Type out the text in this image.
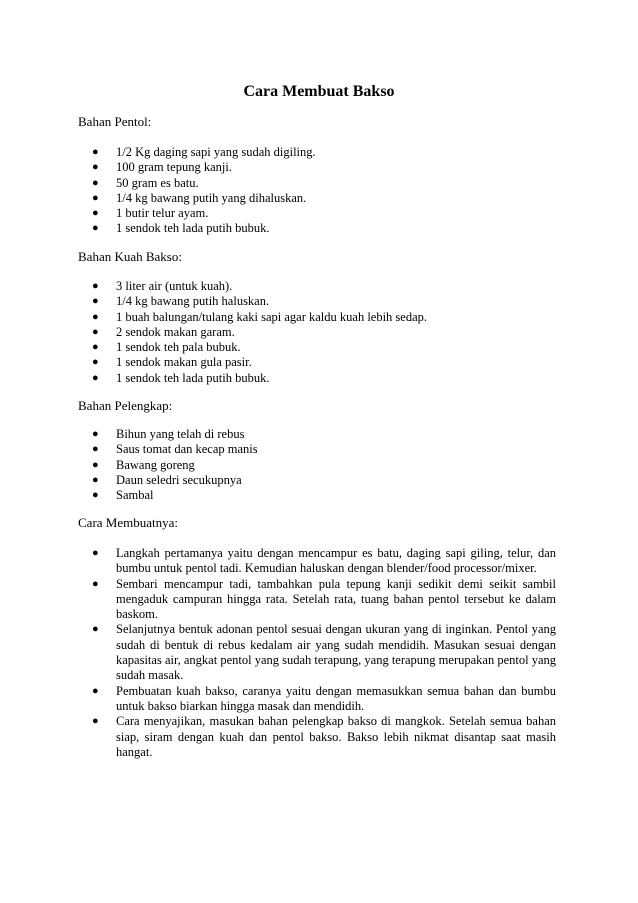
Cara Membuat Bakso
Bahan Pentol:
● 1/2 Kg daging sapi yang sudah digiling.
● 100 gram tepung kanji.
● 50 gram es batu.
● 1/4 kg bawang putih yang dihaluskan.
● 1 butir telur ayam.
● 1 sendok teh lada putih bubuk.
Bahan Kuah Bakso:
● 3 liter air (untuk kuah).
● 1/4 kg bawang putih haluskan.
● 1 buah balungan/tulang kaki sapi agar kaldu kuah lebih sedap.
● 2 sendok makan garam.
● 1 sendok teh pala bubuk.
● 1 sendok makan gula pasir.
● 1 sendok teh lada putih bubuk.
Bahan Pelengkap:
● Bihun yang telah di rebus
● Saus tomat dan kecap manis
● Bawang goreng
● Daun seledri secukupnya
● Sambal
Cara Membuatnya:
● Langkah pertamanya yaitu dengan mencampur es batu, daging sapi giling, telur, dan bumbu untuk pentol tadi. Kemudian haluskan dengan blender/food processor/mixer.
● Sembari mencampur tadi, tambahkan pula tepung kanji sedikit demi seikit sambil mengaduk campuran hingga rata. Setelah rata, tuang bahan pentol tersebut ke dalam baskom.
● Selanjutnya bentuk adonan pentol sesuai dengan ukuran yang di inginkan. Pentol yang sudah di bentuk di rebus kedalam air yang sudah mendidih. Masukan sesuai dengan kapasitas air, angkat pentol yang sudah terapung, yang terapung merupakan pentol yang sudah masak.
● Pembuatan kuah bakso, caranya yaitu dengan memasukkan semua bahan dan bumbu untuk bakso biarkan hingga masak dan mendidih.
● Cara menyajikan, masukan bahan pelengkap bakso di mangkok. Setelah semua bahan siap, siram dengan kuah dan pentol bakso. Bakso lebih nikmat disantap saat masih hangat.
